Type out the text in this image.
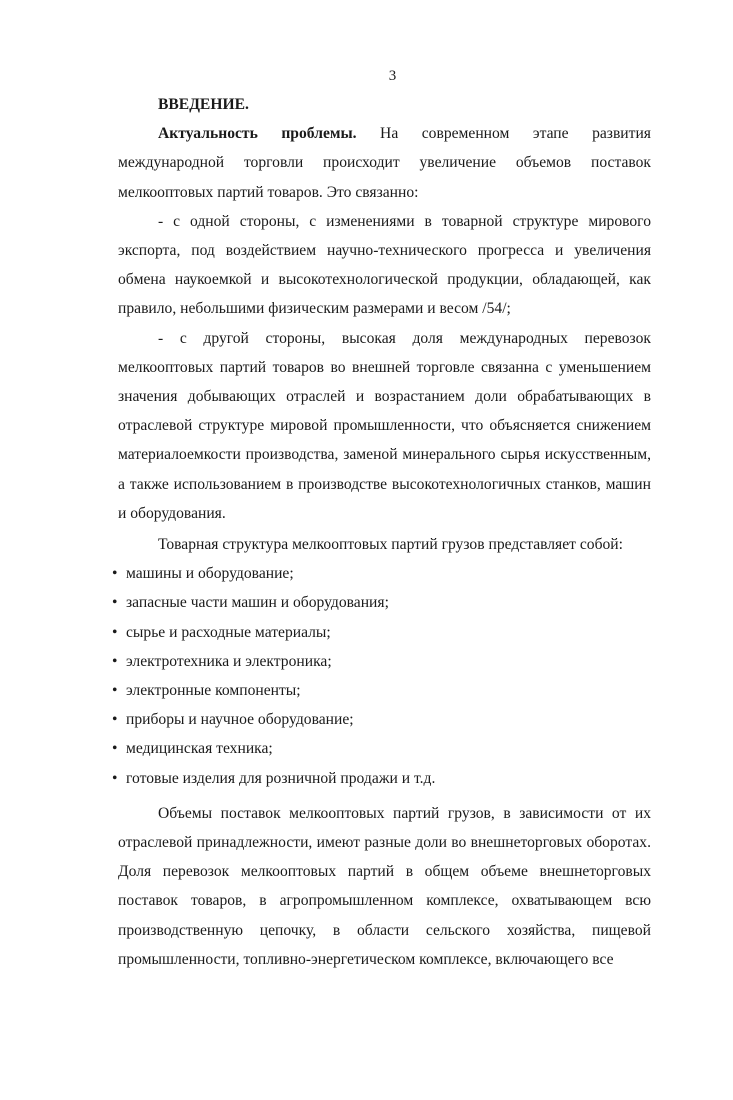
3
ВВЕДЕНИЕ.

Актуальность проблемы. На современном этапе развития международной торговли происходит увеличение объемов поставок мелкооптовых партий товаров. Это связанно:

- с одной стороны, с изменениями в товарной структуре мирового экспорта, под воздействием научно-технического прогресса и увеличения обмена наукоемкой и высокотехнологической продукции, обладающей, как правило, небольшими физическим размерами и весом /54/;

- с другой стороны, высокая доля международных перевозок мелкооптовых партий товаров во внешней торговле связанна с уменьшением значения добывающих отраслей и возрастанием доли обрабатывающих в отраслевой структуре мировой промышленности, что объясняется снижением материалоемкости производства, заменой минерального сырья искусственным, а также использованием в производстве высокотехнологичных станков, машин и оборудования.

Товарная структура мелкооптовых партий грузов представляет собой:

• машины и оборудование;
• запасные части машин и оборудования;
• сырье и расходные материалы;
• электротехника и электроника;
• электронные компоненты;
• приборы и научное оборудование;
• медицинская техника;
• готовые изделия для розничной продажи и т.д.

Объемы поставок мелкооптовых партий грузов, в зависимости от их отраслевой принадлежности, имеют разные доли во внешнеторговых оборотах. Доля перевозок мелкооптовых партий в общем объеме внешнеторговых поставок товаров, в агропромышленном комплексе, охватывающем всю производственную цепочку, в области сельского хозяйства, пищевой промышленности, топливно-энергетическом комплексе, включающего все
